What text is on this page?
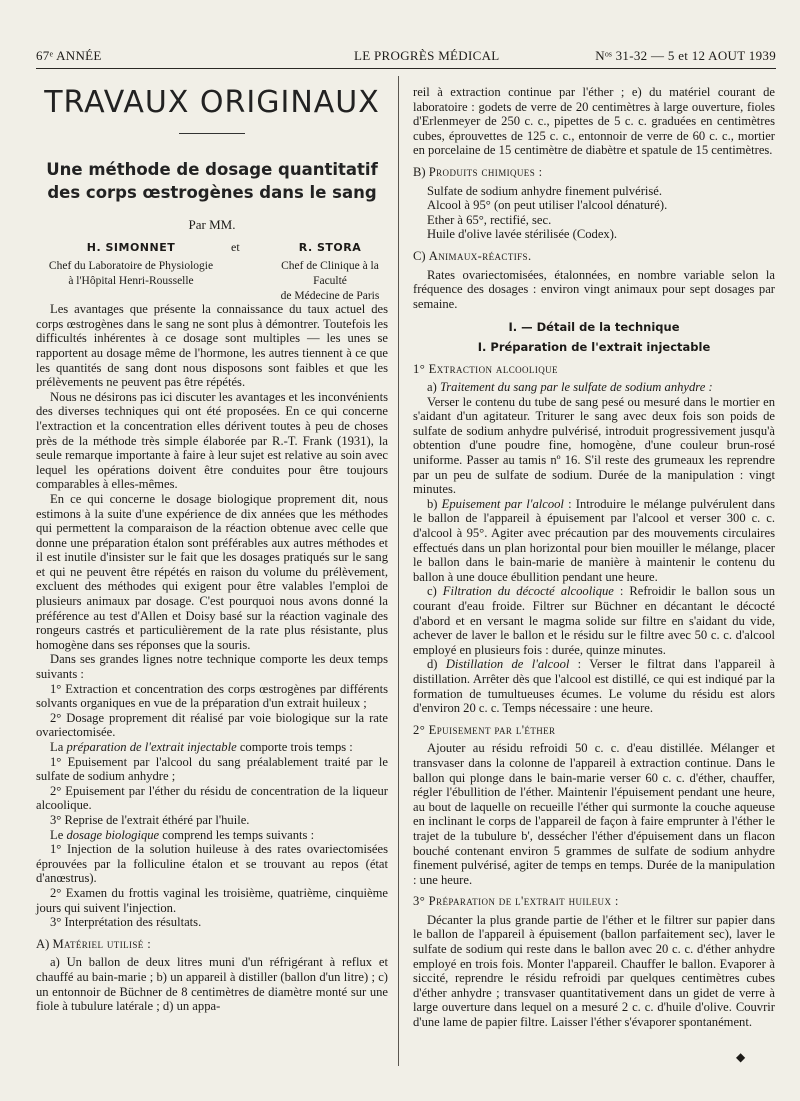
67ᵉ ANNÉE	LE PROGRÈS MÉDICAL	Nᵒˢ 31-32 — 5 et 12 AOUT 1939
TRAVAUX ORIGINAUX
Une méthode de dosage quantitatif
des corps œstrogènes dans le sang
Par MM.
H. SIMONNET
Chef du Laboratoire de Physiologie
à l'Hôpital Henri-Rousselle
et	R. STORA
Chef de Clinique à la Faculté
de Médecine de Paris

Les avantages que présente la connaissance du taux actuel des corps œstrogènes dans le sang ne sont plus à démontrer. Toutefois les difficultés inhérentes à ce dosage sont multiples — les unes se rapportent au dosage même de l'hormone, les autres tiennent à ce que les quantités de sang dont nous disposons sont faibles et que les prélèvements ne peuvent pas être répétés.

Nous ne désirons pas ici discuter les avantages et les inconvénients des diverses techniques qui ont été proposées. En ce qui concerne l'extraction et la concentration elles dérivent toutes à peu de choses près de la méthode très simple élaborée par R.-T. Frank (1931), la seule remarque importante à faire à leur sujet est relative au soin avec lequel les opérations doivent être conduites pour être toujours comparables à elles-mêmes.

En ce qui concerne le dosage biologique proprement dit, nous estimons à la suite d'une expérience de dix années que les méthodes qui permettent la comparaison de la réaction obtenue avec celle que donne une préparation étalon sont préférables aux autres méthodes et il est inutile d'insister sur le fait que les dosages pratiqués sur le sang et qui ne peuvent être répétés en raison du volume du prélèvement, excluent des méthodes qui exigent pour être valables l'emploi de plusieurs animaux par dosage. C'est pourquoi nous avons donné la préférence au test d'Allen et Doisy basé sur la réaction vaginale des rongeurs castrés et particulièrement de la rate plus résistante, plus homogène dans ses réponses que la souris.

Dans ses grandes lignes notre technique comporte les deux temps suivants :

1° Extraction et concentration des corps œstrogènes par différents solvants organiques en vue de la préparation d'un extrait huileux ;

2° Dosage proprement dit réalisé par voie biologique sur la rate ovariectomisée.

La préparation de l'extrait injectable comporte trois temps :

1° Epuisement par l'alcool du sang préalablement traité par le sulfate de sodium anhydre ;

2° Epuisement par l'éther du résidu de concentration de la liqueur alcoolique.

3° Reprise de l'extrait éthéré par l'huile.

Le dosage biologique comprend les temps suivants :

1° Injection de la solution huileuse à des rates ovariectomisées éprouvées par la folliculine étalon et se trouvant au repos (état d'anœstrus).

2° Examen du frottis vaginal les troisième, quatrième, cinquième jours qui suivent l'injection.

3° Interprétation des résultats.

A) Matériel utilisé :

a) Un ballon de deux litres muni d'un réfrigérant à reflux et chauffé au bain-marie ; b) un appareil à distiller (ballon d'un litre) ; c) un entonnoir de Büchner de 8 centimètres de diamètre monté sur une fiole à tubulure latérale ; d) un appa-

reil à extraction continue par l'éther ; e) du matériel courant de laboratoire : godets de verre de 20 centimètres à large ouverture, fioles d'Erlenmeyer de 250 c. c., pipettes de 5 c. c. graduées en centimètres cubes, éprouvettes de 125 c. c., entonnoir de verre de 60 c. c., mortier en porcelaine de 15 centimètre de diabètre et spatule de 15 centimètres.

B) Produits chimiques :

Sulfate de sodium anhydre finement pulvérisé.

Alcool à 95° (on peut utiliser l'alcool dénaturé).

Ether à 65°, rectifié, sec.

Huile d'olive lavée stérilisée (Codex).

C) Animaux-réactifs.

Rates ovariectomisées, étalonnées, en nombre variable selon la fréquence des dosages : environ vingt animaux pour sept dosages par semaine.

I. — Détail de la technique
I. Préparation de l'extrait injectable

1° Extraction alcoolique

a) Traitement du sang par le sulfate de sodium anhydre :

Verser le contenu du tube de sang pesé ou mesuré dans le mortier en s'aidant d'un agitateur. Triturer le sang avec deux fois son poids de sulfate de sodium anhydre pulvérisé, introduit progressivement jusqu'à obtention d'une poudre fine, homogène, d'une couleur brun-rosé uniforme. Passer au tamis nº 16. S'il reste des grumeaux les reprendre par un peu de sulfate de sodium. Durée de la manipulation : vingt minutes.

b) Epuisement par l'alcool : Introduire le mélange pulvérulent dans le ballon de l'appareil à épuisement par l'alcool et verser 300 c. c. d'alcool à 95°. Agiter avec précaution par des mouvements circulaires effectués dans un plan horizontal pour bien mouiller le mélange, placer le ballon dans le bain-marie de manière à maintenir le contenu du ballon à une douce ébullition pendant une heure.

c) Filtration du décocté alcoolique : Refroidir le ballon sous un courant d'eau froide. Filtrer sur Büchner en décantant le décocté d'abord et en versant le magma solide sur filtre en s'aidant du vide, achever de laver le ballon et le résidu sur le filtre avec 50 c. c. d'alcool employé en plusieurs fois : durée, quinze minutes.

d) Distillation de l'alcool : Verser le filtrat dans l'appareil à distillation. Arrêter dès que l'alcool est distillé, ce qui est indiqué par la formation de tumultueuses écumes. Le volume du résidu est alors d'environ 20 c. c. Temps nécessaire : une heure.

2° Epuisement par l'éther

Ajouter au résidu refroidi 50 c. c. d'eau distillée. Mélanger et transvaser dans la colonne de l'appareil à extraction continue. Dans le ballon qui plonge dans le bain-marie verser 60 c. c. d'éther, chauffer, régler l'ébullition de l'éther. Maintenir l'épuisement pendant une heure, au bout de laquelle on recueille l'éther qui surmonte la couche aqueuse en inclinant le corps de l'appareil de façon à faire emprunter à l'éther le trajet de la tubulure b', dessécher l'éther d'épuisement dans un flacon bouché contenant environ 5 grammes de sulfate de sodium anhydre finement pulvérisé, agiter de temps en temps. Durée de la manipulation : une heure.

3° Préparation de l'extrait huileux :

Décanter la plus grande partie de l'éther et le filtrer sur papier dans le ballon de l'appareil à épuisement (ballon parfaitement sec), laver le sulfate de sodium qui reste dans le ballon avec 20 c. c. d'éther anhydre employé en trois fois. Monter l'appareil. Chauffer le ballon. Evaporer à siccité, reprendre le résidu refroidi par quelques centimètres cubes d'éther anhydre ; transvaser quantitativement dans un gidet de verre à large ouverture dans lequel on a mesuré 2 c. c. d'huile d'olive. Couvrir d'une lame de papier filtre. Laisser l'éther s'évaporer spontanément.

◆
